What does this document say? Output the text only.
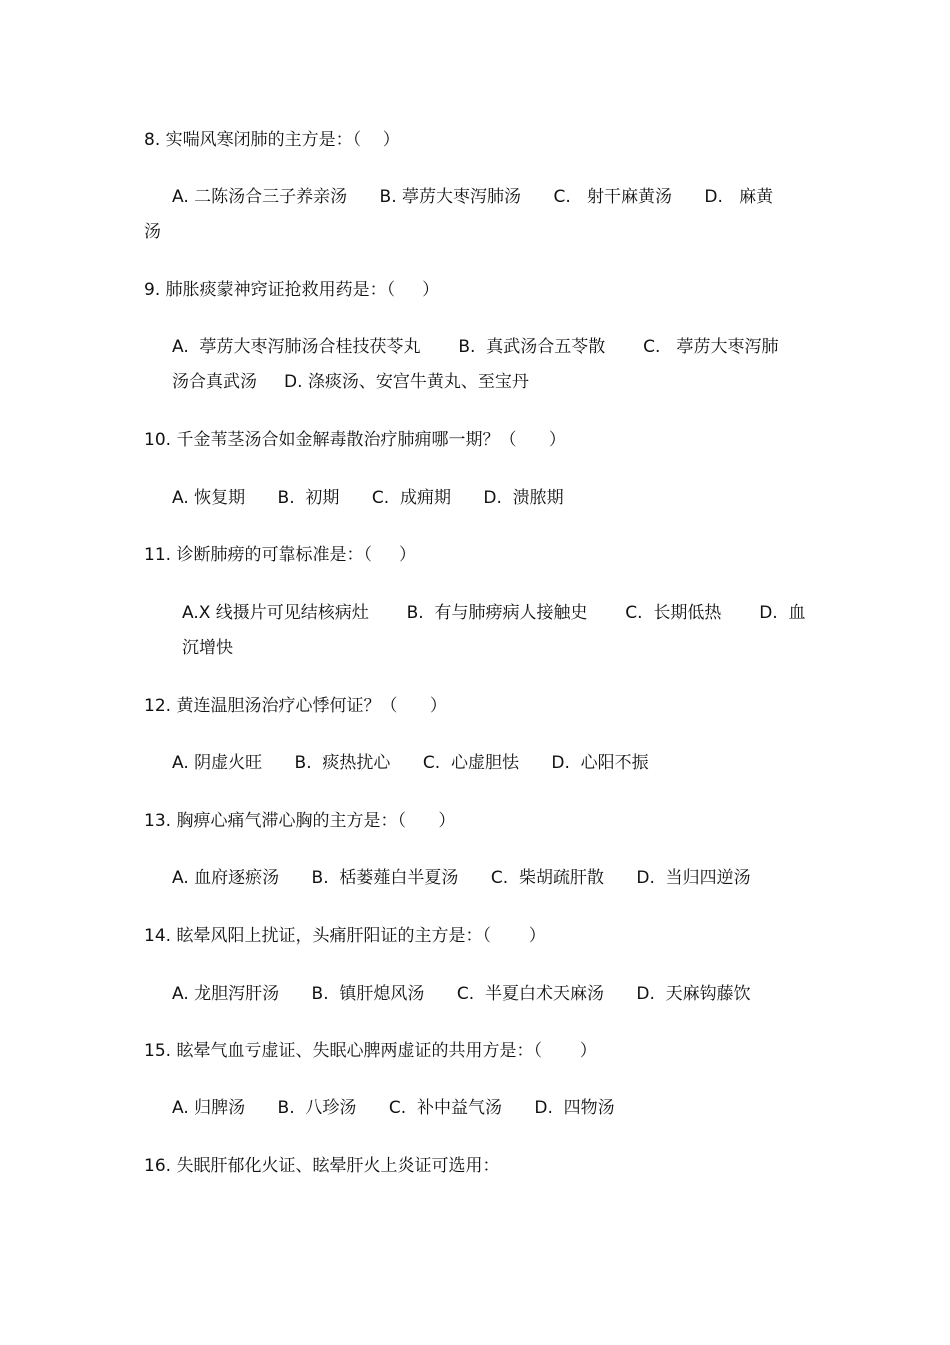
8. 实喘风寒闭肺的主方是：（    ）
A. 二陈汤合三子养亲汤      B. 葶苈大枣泻肺汤      C.   射干麻黄汤      D.   麻黄
汤
9. 肺胀痰蒙神窍证抢救用药是：（     ）
A.  葶苈大枣泻肺汤合桂技茯苓丸       B.  真武汤合五苓散       C.   葶苈大枣泻肺
汤合真武汤     D. 涤痰汤、安宫牛黄丸、至宝丹
10. 千金苇茎汤合如金解毒散治疗肺痈哪一期？（      ）
A. 恢复期      B.  初期      C.  成痈期      D.  溃脓期
11. 诊断肺痨的可靠标准是：（     ）
A.X 线摄片可见结核病灶       B.  有与肺痨病人接触史       C.  长期低热       D.  血
沉增快
12. 黄连温胆汤治疗心悸何证？（      ）
A. 阴虚火旺      B.  痰热扰心      C.  心虚胆怯      D.  心阳不振
13. 胸痹心痛气滞心胸的主方是：（      ）
A. 血府逐瘀汤      B.  栝蒌薤白半夏汤      C.  柴胡疏肝散      D.  当归四逆汤
14. 眩晕风阳上扰证，头痛肝阳证的主方是：（       ）
A. 龙胆泻肝汤      B.  镇肝熄风汤      C.  半夏白术天麻汤      D.  天麻钩藤饮
15. 眩晕气血亏虚证、失眠心脾两虚证的共用方是：（       ）
A. 归脾汤      B.  八珍汤      C.  补中益气汤      D.  四物汤
16. 失眠肝郁化火证、眩晕肝火上炎证可选用：
